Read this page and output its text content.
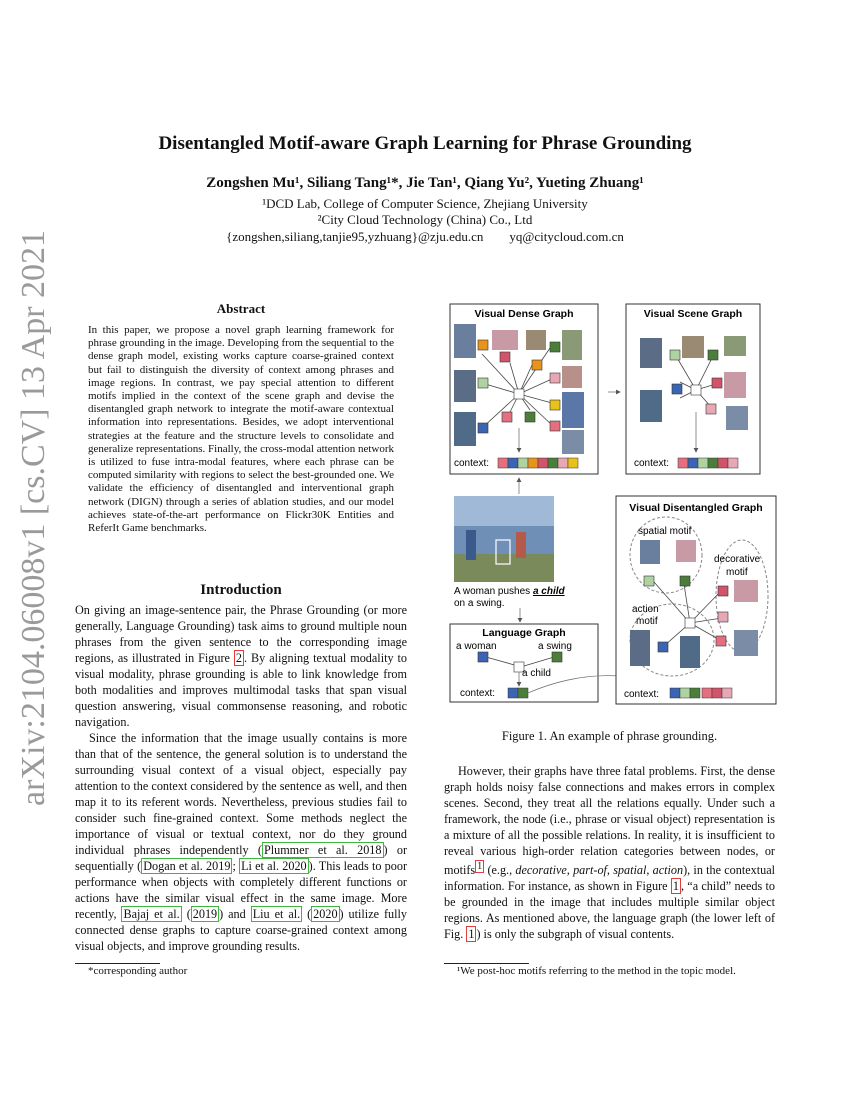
arXiv:2104.06008v1 [cs.CV] 13 Apr 2021
Disentangled Motif-aware Graph Learning for Phrase Grounding
Zongshen Mu¹, Siliang Tang¹*, Jie Tan¹, Qiang Yu², Yueting Zhuang¹
¹DCD Lab, College of Computer Science, Zhejiang University
²City Cloud Technology (China) Co., Ltd
{zongshen,siliang,tanjie95,yzhuang}@zju.edu.cn        yq@citycloud.com.cn
Abstract
In this paper, we propose a novel graph learning framework for phrase grounding in the image. Developing from the sequential to the dense graph model, existing works capture coarse-grained context but fail to distinguish the diversity of context among phrases and image regions. In contrast, we pay special attention to different motifs implied in the context of the scene graph and devise the disentangled graph network to integrate the motif-aware contextual information into representations. Besides, we adopt interventional strategies at the feature and the structure levels to consolidate and generalize representations. Finally, the cross-modal attention network is utilized to fuse intra-modal features, where each phrase can be computed similarity with regions to select the best-grounded one. We validate the efficiency of disentangled and interventional graph network (DIGN) through a series of ablation studies, and our model achieves state-of-the-art performance on Flickr30K Entities and ReferIt Game benchmarks.
Introduction
On giving an image-sentence pair, the Phrase Grounding (or more generally, Language Grounding) task aims to ground multiple noun phrases from the given sentence to the corresponding image regions, as illustrated in Figure 2 . By aligning textual modality to visual modality, phrase grounding is able to link knowledge from both modalities and improves multimodal tasks that span visual question answering, visual commonsense reasoning, and robotic navigation.
Since the information that the image usually contains is more than that of the sentence, the general solution is to understand the surrounding visual context of a visual object, especially pay attention to the context considered by the sentence as well, and then map it to its referent words. Nevertheless, previous studies fail to consider such fine-grained context. Some methods neglect the importance of visual or textual context, nor do they ground individual phrases independently ( Plummer et al. 2018 ) or sequentially ( Dogan et al. 2019 ; Li et al. 2020 ). This leads to poor performance when objects with completely different functions or actions have the similar visual effect in the same image. More recently, Bajaj et al. ( 2019 ) and Liu et al. ( 2020 ) utilize fully connected dense graphs to capture coarse-grained context among visual objects, and improve grounding results.
*corresponding author
Visual Dense Graph
context:
Visual Scene Graph
context:
A woman pushes a child
on a swing.
Language Graph
a woman	a swing
a child
context:
Visual Disentangled Graph
spatial motif
decorative
motif
action
motif
context:
Figure 1. An example of phrase grounding.
However, their graphs have three fatal problems. First, the dense graph holds noisy false connections and makes errors in complex scenes. Second, they treat all the relations equally. Under such a framework, the node (i.e., phrase or visual object) representation is a mixture of all the possible relations. In reality, it is insufficient to reveal various high-order relation categories between nodes, or motifs $^1$ (e.g., decorative, part-of, spatial, action), in the contextual information. For instance, as shown in Figure 1 , “a child” needs to be grounded in the image that includes multiple similar object regions. As mentioned above, the language graph (the lower left of Fig. 1 ) is only the subgraph of visual contents.
¹We post-hoc motifs referring to the method in the topic model.
